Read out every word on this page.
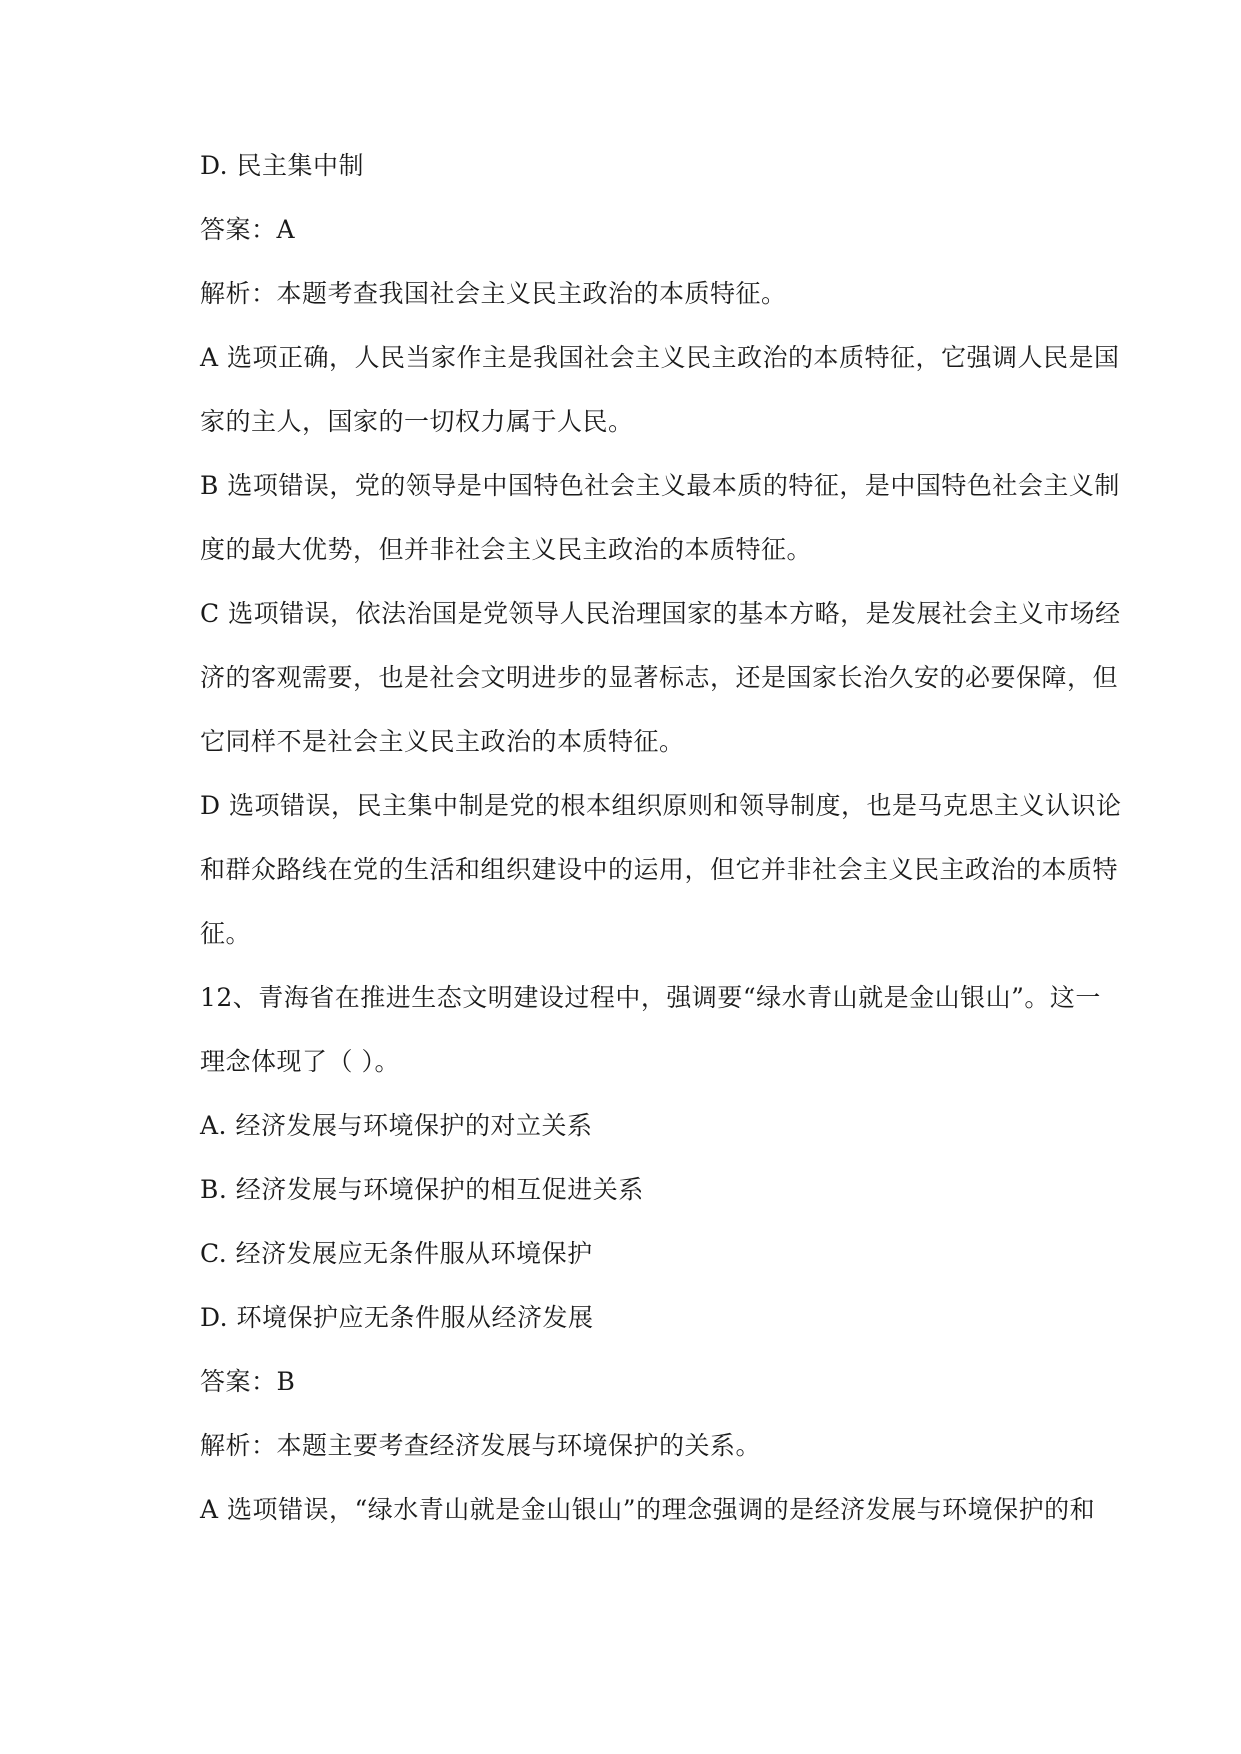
D. 民主集中制
答案：A
解析：本题考查我国社会主义民主政治的本质特征。
A 选项正确，人民当家作主是我国社会主义民主政治的本质特征，它强调人民是国
家的主人，国家的一切权力属于人民。
B 选项错误，党的领导是中国特色社会主义最本质的特征，是中国特色社会主义制
度的最大优势，但并非社会主义民主政治的本质特征。
C 选项错误，依法治国是党领导人民治理国家的基本方略，是发展社会主义市场经
济的客观需要，也是社会文明进步的显著标志，还是国家长治久安的必要保障，但
它同样不是社会主义民主政治的本质特征。
D 选项错误，民主集中制是党的根本组织原则和领导制度，也是马克思主义认识论
和群众路线在党的生活和组织建设中的运用，但它并非社会主义民主政治的本质特
征。
12、青海省在推进生态文明建设过程中，强调要“绿水青山就是金山银山”。这一
理念体现了（ ）。
A. 经济发展与环境保护的对立关系
B. 经济发展与环境保护的相互促进关系
C. 经济发展应无条件服从环境保护
D. 环境保护应无条件服从经济发展
答案：B
解析：本题主要考查经济发展与环境保护的关系。
A 选项错误，“绿水青山就是金山银山”的理念强调的是经济发展与环境保护的和
